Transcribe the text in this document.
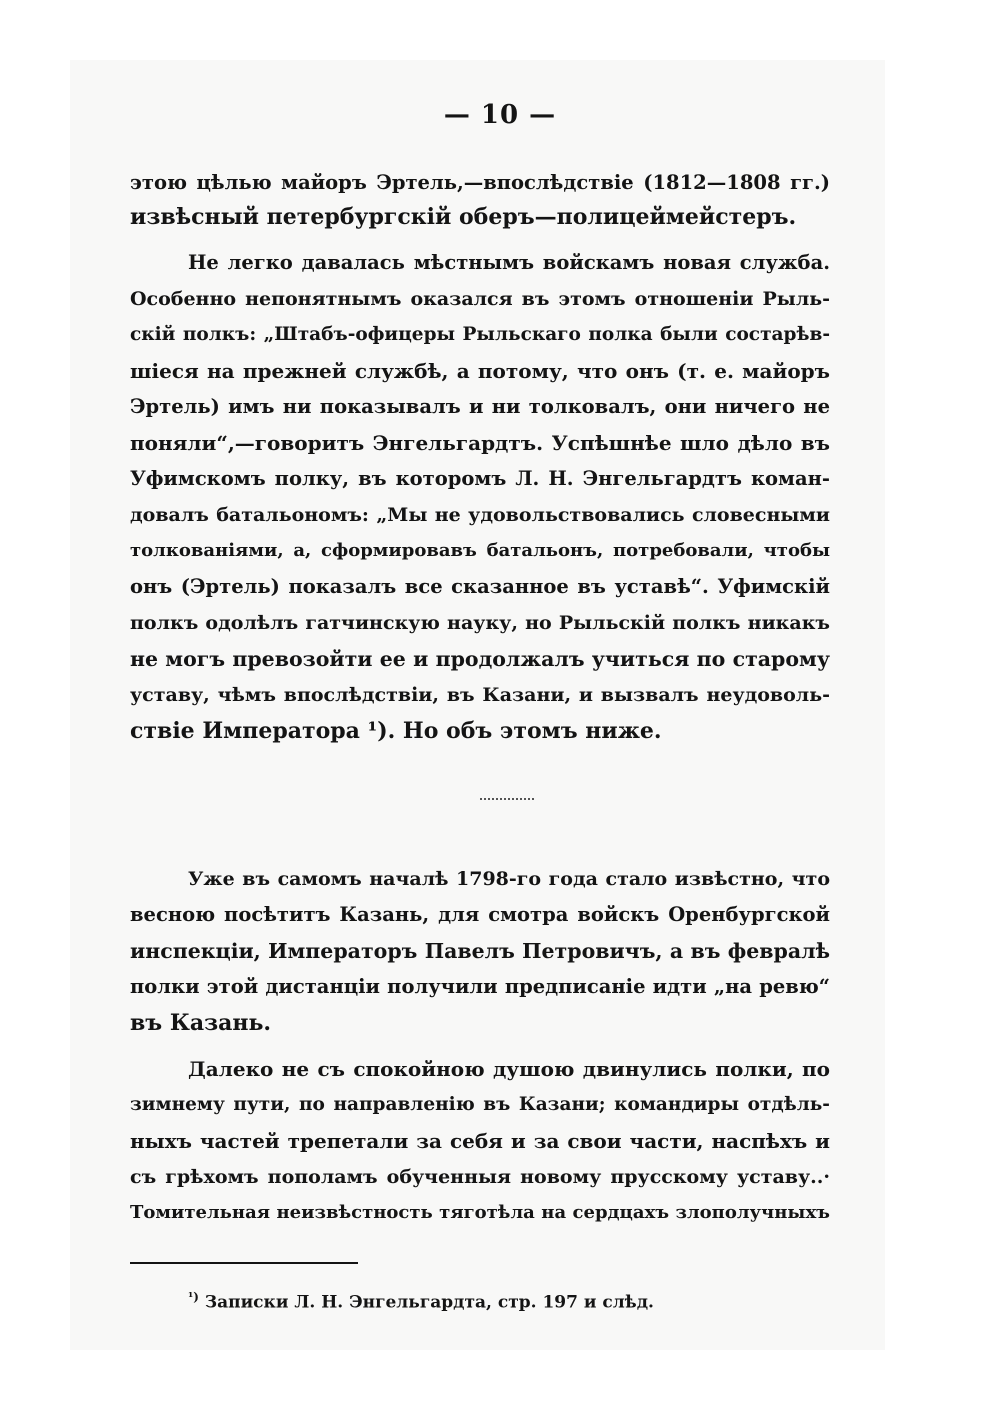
— 10 —
этою цѣлью майоръ Эртель,—впослѣдствіе (1812—1808 гг.)
извѣсный петербургскій оберъ—полицеймейстеръ.
Не легко давалась мѣстнымъ войскамъ новая служба.
Особенно непонятнымъ оказался въ этомъ отношеніи Рыль-
скій полкъ: „Штабъ-офицеры Рыльскаго полка были состарѣв-
шіеся на прежней службѣ, а потому, что онъ (т. е. майоръ
Эртель) имъ ни показывалъ и ни толковалъ, они ничего не
поняли“,—говоритъ Энгельгардтъ. Успѣшнѣе шло дѣло въ
Уфимскомъ полку, въ которомъ Л. Н. Энгельгардтъ коман-
довалъ батальономъ: „Мы не удовольствовались словесными
толкованіями, а, сформировавъ батальонъ, потребовали, чтобы
онъ (Эртель) показалъ все сказанное въ уставѣ“. Уфимскій
полкъ одолѣлъ гатчинскую науку, но Рыльскій полкъ никакъ
не могъ превозойти ее и продолжалъ учиться по старому
уставу, чѣмъ впослѣдствіи, въ Казани, и вызвалъ неудоволь-
ствіе Императора ¹). Но объ этомъ ниже.
Уже въ самомъ началѣ 1798-го года стало извѣстно, что
весною посѣтитъ Казань, для смотра войскъ Оренбургской
инспекціи, Императоръ Павелъ Петровичъ, а въ февралѣ
полки этой дистанціи получили предписаніе идти „на ревю“
въ Казань.
Далеко не съ спокойною душою двинулись полки, по
зимнему пути, по направленію въ Казани; командиры отдѣль-
ныхъ частей трепетали за себя и за свои части, наспѣхъ и
съ грѣхомъ пополамъ обученныя новому прусскому уставу..·
Томительная неизвѣстность тяготѣла на сердцахъ злополучныхъ
$^{^1)}$ Записки Л. Н. Энгельгардта, стр. 197 и слѣд.
